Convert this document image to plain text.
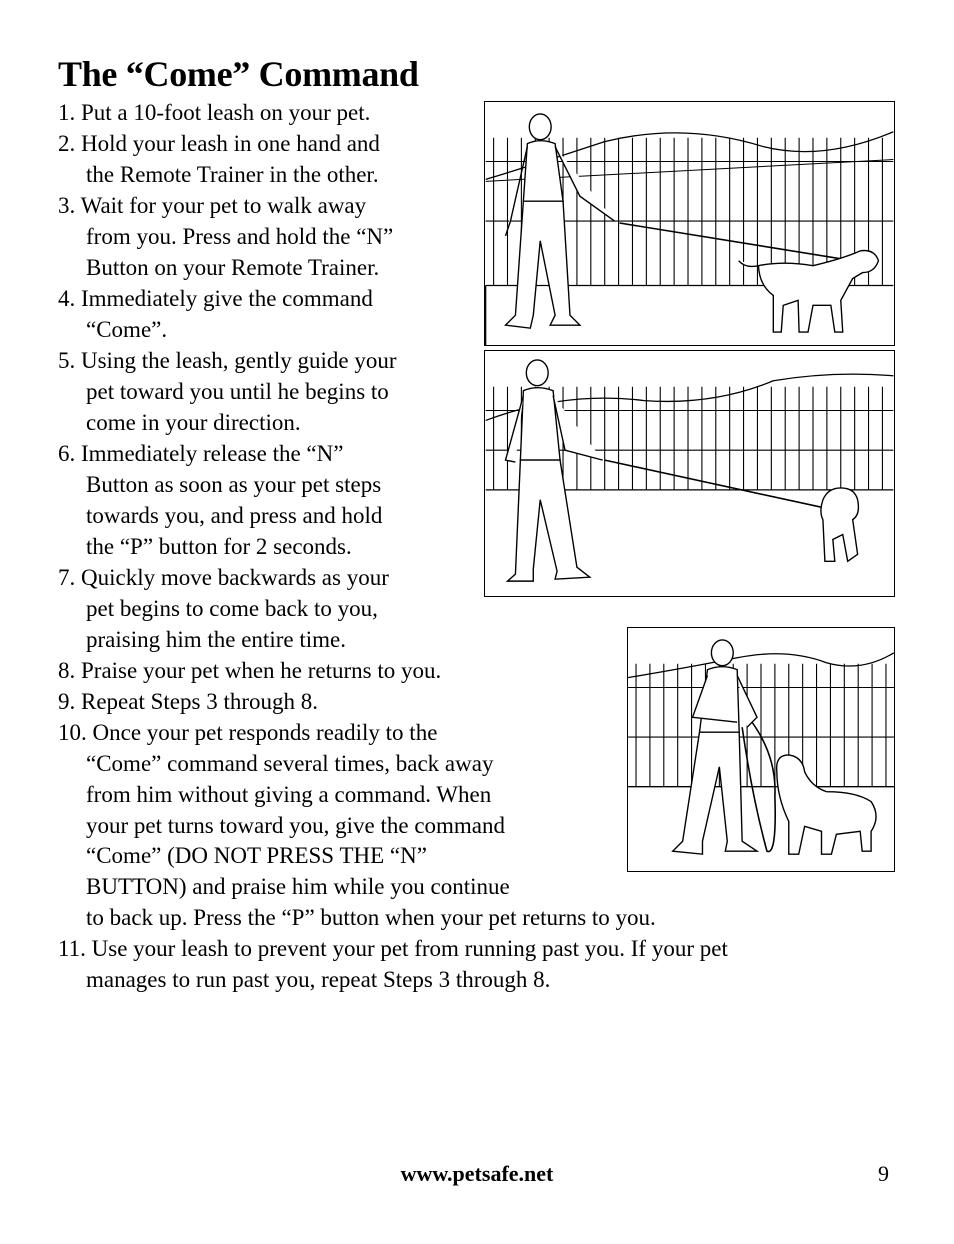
The “Come” Command
1. Put a 10-foot leash on your pet.
2. Hold your leash in one hand and
the Remote Trainer in the other.
3. Wait for your pet to walk away
from you. Press and hold the “N”
Button on your Remote Trainer.
4. Immediately give the command
“Come”.
5. Using the leash, gently guide your
pet toward you until he begins to
come in your direction.
6. Immediately release the “N”
Button as soon as your pet steps
towards you, and press and hold
the “P” button for 2 seconds.
7. Quickly move backwards as your
pet begins to come back to you,
praising him the entire time.
8. Praise your pet when he returns to you.
9. Repeat Steps 3 through 8.
10. Once your pet responds readily to the
“Come” command several times, back away
from him without giving a command. When
your pet turns toward you, give the command
“Come” (DO NOT PRESS THE “N”
BUTTON) and praise him while you continue
to back up. Press the “P” button when your pet returns to you.
11. Use your leash to prevent your pet from running past you. If your pet
manages to run past you, repeat Steps 3 through 8.
www.petsafe.net	9
